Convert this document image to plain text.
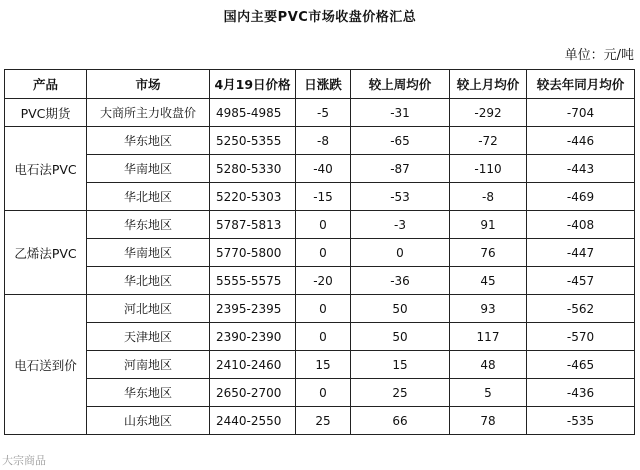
国内主要PVC市场收盘价格汇总
单位：元/吨
产品	市场	4月19日价格	日涨跌	较上周均价	较上月均价	较去年同月均价
PVC期货	大商所主力收盘价	4985-4985	-5	-31	-292	-704
电石法PVC	华东地区	5250-5355	-8	-65	-72	-446
	华南地区	5280-5330	-40	-87	-110	-443
	华北地区	5220-5303	-15	-53	-8	-469
乙烯法PVC	华东地区	5787-5813	0	-3	91	-408
	华南地区	5770-5800	0	0	76	-447
	华北地区	5555-5575	-20	-36	45	-457
电石送到价	河北地区	2395-2395	0	50	93	-562
	天津地区	2390-2390	0	50	117	-570
	河南地区	2410-2460	15	15	48	-465
	华东地区	2650-2700	0	25	5	-436
	山东地区	2440-2550	25	66	78	-535
大宗商品
